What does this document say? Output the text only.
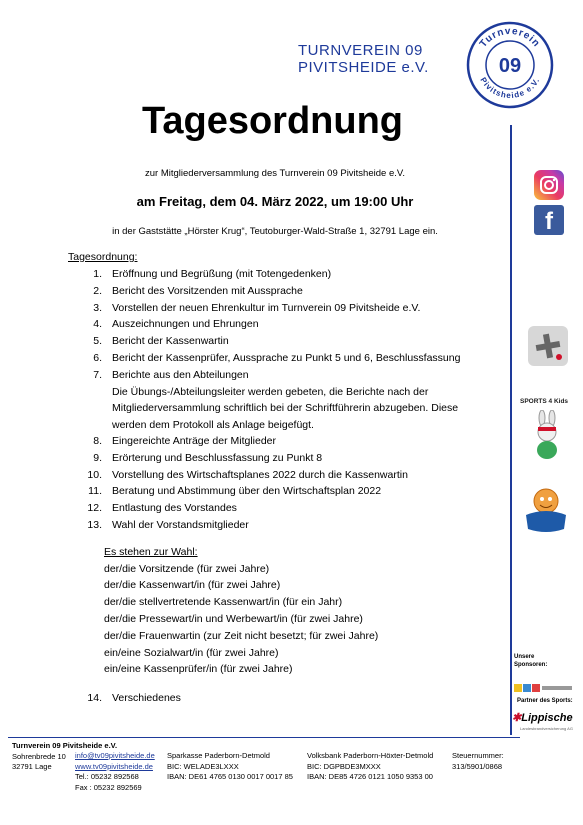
TURNVEREIN 09
PIVITSHEIDE e.V.
Turnverein
Pivitsheide e.V.
09
Tagesordnung
zur Mitgliederversammlung des Turnverein 09 Pivitsheide e.V.
am Freitag, dem 04. März 2022, um 19:00 Uhr
in der Gaststätte „Hörster Krug“, Teutoburger-Wald-Straße 1, 32791 Lage ein.
Tagesordnung:
1. Eröffnung und Begrüßung (mit Totengedenken)
2. Bericht des Vorsitzenden mit Aussprache
3. Vorstellen der neuen Ehrenkultur im Turnverein 09 Pivitsheide e.V.
4. Auszeichnungen und Ehrungen
5. Bericht der Kassenwartin
6. Bericht der Kassenprüfer, Aussprache zu Punkt 5 und 6, Beschlussfassung
7. Berichte aus den Abteilungen
Die Übungs-/Abteilungsleiter werden gebeten, die Berichte nach der
Mitgliederversammlung schriftlich bei der Schriftführerin abzugeben. Diese
werden dem Protokoll als Anlage beigefügt.
8. Eingereichte Anträge der Mitglieder
9. Erörterung und Beschlussfassung zu Punkt 8
10. Vorstellung des Wirtschaftsplanes 2022 durch die Kassenwartin
11. Beratung und Abstimmung über den Wirtschaftsplan 2022
12. Entlastung des Vorstandes
13. Wahl der Vorstandsmitglieder
Es stehen zur Wahl:
der/die Vorsitzende (für zwei Jahre)
der/die Kassenwart/in (für zwei Jahre)
der/die stellvertretende Kassenwart/in (für ein Jahr)
der/die Pressewart/in und Werbewart/in (für zwei Jahre)
der/die Frauenwartin (zur Zeit nicht besetzt; für zwei Jahre)
ein/eine Sozialwart/in (für zwei Jahre)
ein/eine Kassenprüfer/in (für zwei Jahre)
14. Verschiedenes
f
SPORTS 4 Kids
Unsere Sponsoren:
Partner des Sports:
✱Lippische
Landesbrandversicherung AG
Turnverein 09 Pivitsheide e.V.
Sohrenbrede 10
32791 Lage
info@tv09pivitsheide.de
www.tv09pivitsheide.de
Tel.: 05232 892568
Fax : 05232 892569
Sparkasse Paderborn-Detmold
BIC: WELADE3LXXX
IBAN: DE61 4765 0130 0017 0017 85
Volksbank Paderborn-Höxter-Detmold
BIC: DGPBDE3MXXX
IBAN: DE85 4726 0121 1050 9353 00
Steuernummer:
313/5901/0868
